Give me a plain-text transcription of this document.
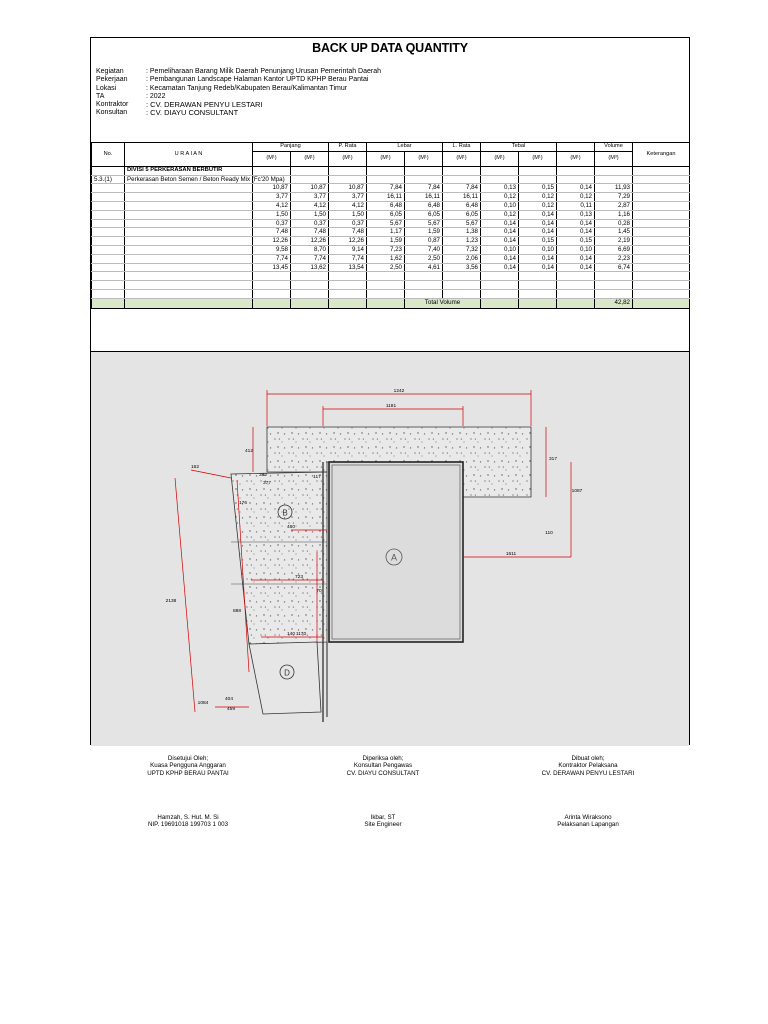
BACK UP DATA QUANTITY
Kegiatan	: Pemeliharaan Barang Milik Daerah Penunjang Urusan Pemerintah Daerah
Pekerjaan	: Pembangunan Landscape Halaman Kantor UPTD KPHP Berau Pantai
Lokasi	: Kecamatan Tanjung Redeb/Kabupaten Berau/Kalimantan Timur
TA	: 2022
Kontraktor	: CV. DERAWAN PENYU LESTARI
Konsultan	: CV. DIAYU CONSULTANT
No.	U R A I A N	Panjang		P. Rata	Lebar		L. Rata	Tebal			Volume	Keterangan
		(M¹)	(M¹)	(M¹)	(M¹)	(M¹)	(M¹)	(M¹)	(M¹)	(M¹)	(M³)	
	DIVISI 5 PERKERASAN BERBUTIR											
5.3.(1)	Perkerasan Beton Semen / Beton Ready Mix (Fc'20 Mpa)											
		10,87	10,87	10,87	7,84	7,84	7,84	0,13	0,15	0,14	11,93	
		3,77	3,77	3,77	16,11	16,11	16,11	0,12	0,12	0,12	7,29	
		4,12	4,12	4,12	6,48	6,48	6,48	0,10	0,12	0,11	2,87	
		1,50	1,50	1,50	6,05	6,05	6,05	0,12	0,14	0,13	1,16	
		0,37	0,37	0,37	5,67	5,67	5,67	0,14	0,14	0,14	0,28	
		7,48	7,48	7,48	1,17	1,59	1,38	0,14	0,14	0,14	1,45	
		12,26	12,26	12,26	1,59	0,87	1,23	0,14	0,15	0,15	2,19	
		9,58	8,70	9,14	7,23	7,40	7,32	0,10	0,10	0,10	6,69	
		7,74	7,74	7,74	1,62	2,50	2,06	0,14	0,14	0,14	2,23	
		13,45	13,62	13,54	2,50	4,61	3,56	0,14	0,14	0,14	6,74	

						Total Volume					42,82	
1242
1181
412
317
1087
110
162
382
377
460
117
176
723
1611
2138
888
1170
70
140
404
459
1084
A
B
D
Disetujui Oleh;
Kuasa Pengguna Anggaran
UPTD KPHP BERAU PANTAI
Diperiksa oleh;
Konsultan Pengawas
CV. DIAYU CONSULTANT
Dibuat oleh;
Kontraktor Pelaksana
CV. DERAWAN PENYU LESTARI
Hamzah, S. Hut. M. Si
NIP. 19691018 199703 1 003
Ikbar, ST
Site Engineer
Arinta Wiraksono
Pelaksanan Lapangan
